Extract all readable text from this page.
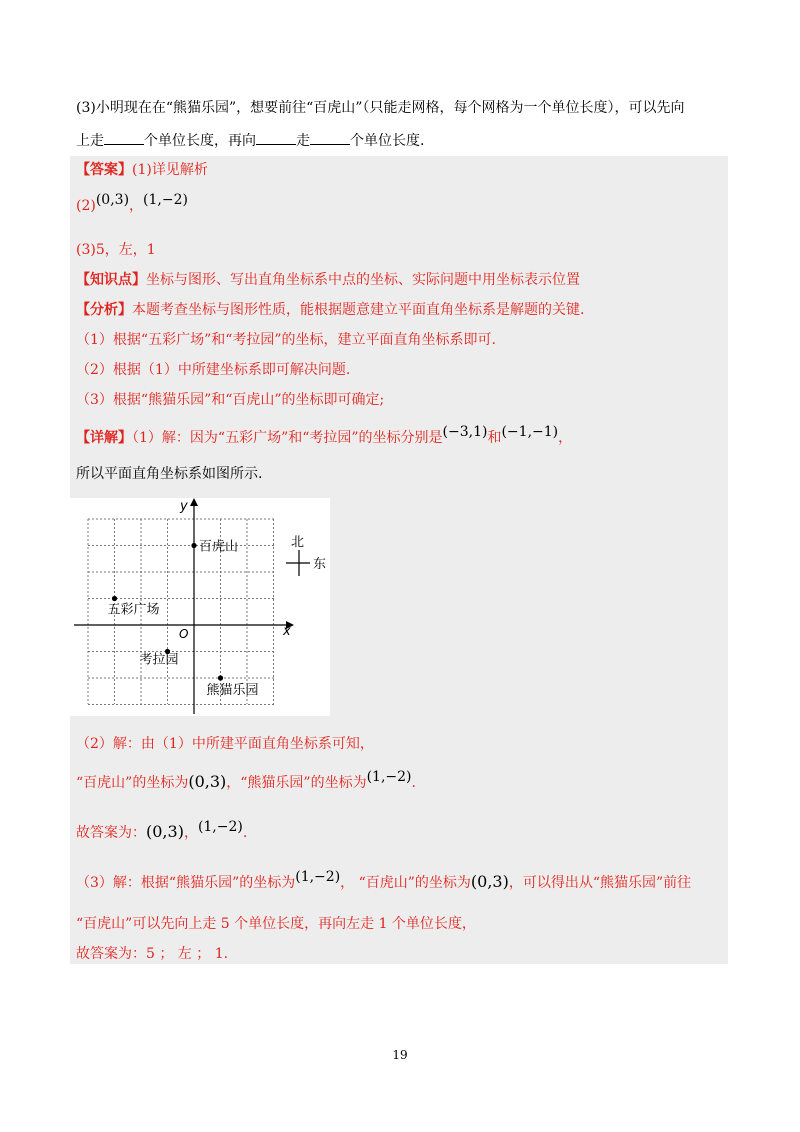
(3)小明现在在“熊猫乐园”，想要前往“百虎山”（只能走网格，每个网格为一个单位长度），可以先向
上走	个单位长度，再向	走	个单位长度.
【答案】(1)详见解析
(2)(0,3)，(1,−2)
(3)5，左，1
【知识点】坐标与图形、写出直角坐标系中点的坐标、实际问题中用坐标表示位置
【分析】本题考查坐标与图形性质，能根据题意建立平面直角坐标系是解题的关键.
（1）根据“五彩广场”和“考拉园”的坐标，建立平面直角坐标系即可.
（2）根据（1）中所建坐标系即可解决问题.
（3）根据“熊猫乐园”和“百虎山”的坐标即可确定;
【详解】（1）解：因为“五彩广场”和“考拉园”的坐标分别是(−3,1)和(−1,−1)，
所以平面直角坐标系如图所示.
x
y
O
北
东
百虎山
五彩广场
考拉园
熊猫乐园
（2）解：由（1）中所建平面直角坐标系可知，
“百虎山”的坐标为(0,3)，“熊猫乐园”的坐标为(1,−2).
故答案为：(0,3)，(1,−2).
（3）解：根据“熊猫乐园”的坐标为(1,−2)， “百虎山”的坐标为(0,3)，可以得出从“熊猫乐园”前往
“百虎山”可以先向上走 5 个单位长度，再向左走 1 个单位长度，
故答案为：5 ； 左 ； 1.
19
